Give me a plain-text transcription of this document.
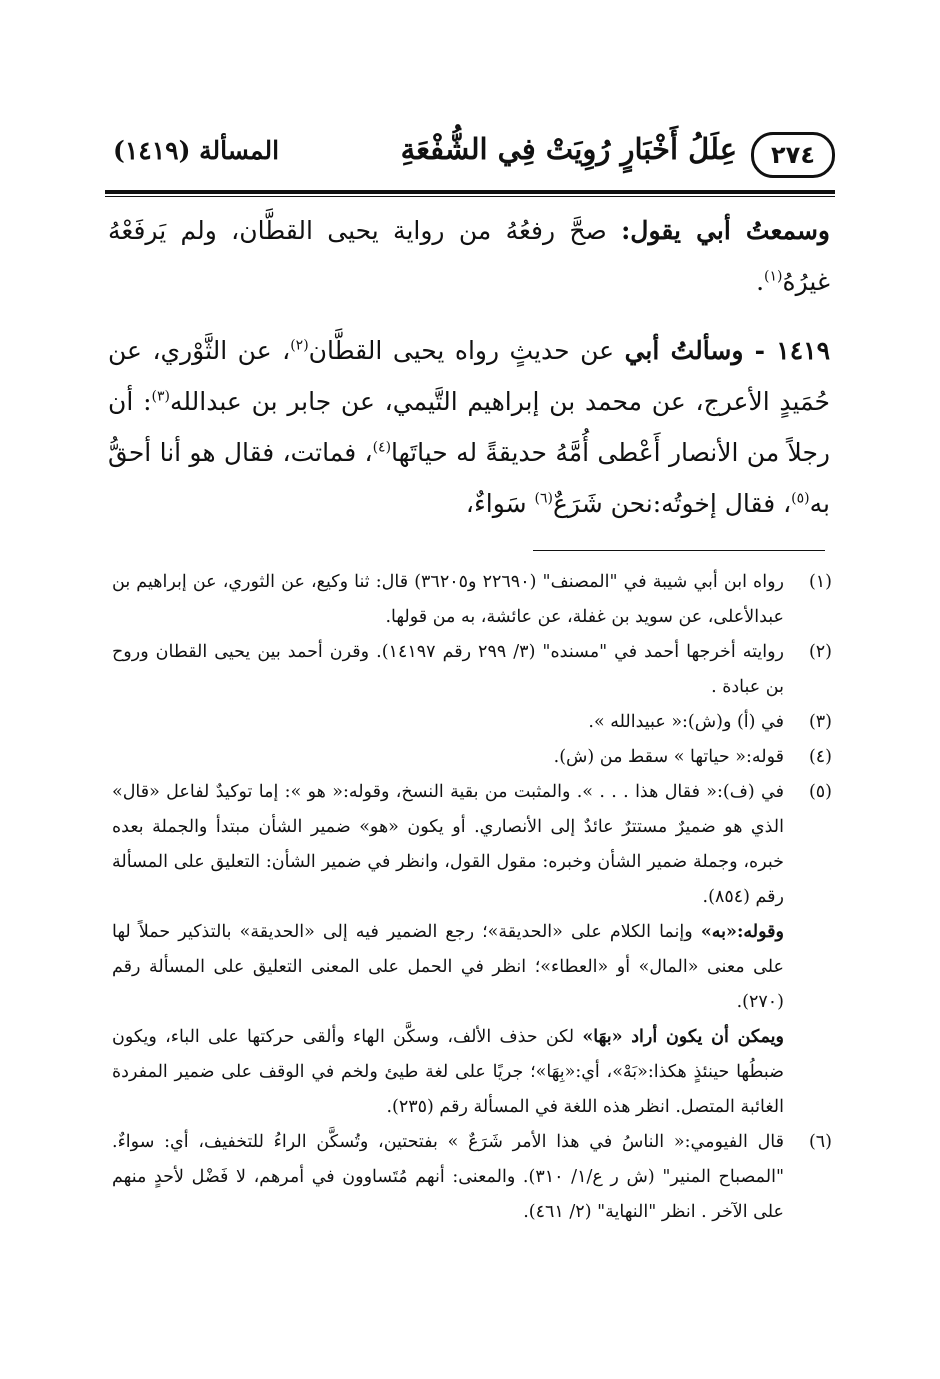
٢٧٤
عِلَلُ أَخْبَارٍ رُوِيَتْ فِي الشُّفْعَةِ
المسألة (١٤١٩)

وسمعتُ أبي يقول: صحَّ رفعُهُ من رواية يحيى القطَّان، ولم يَرفَعْهُ غيرُهُ$^{(١)}$.

١٤١٩ - وسألتُ أبي عن حديثٍ رواه يحيى القطَّان$^{(٢)}$، عن الثَّوْري، عن حُمَيدٍ الأعرج، عن محمد بن إبراهيم التَّيمي، عن جابر بن عبدالله$^{(٣)}$: أن رجلاً من الأنصار أَعْطى أُمَّهُ حديقةً له حياتَها$^{(٤)}$، فماتت، فقال هو أنا أحقُّ به$^{(٥)}$، فقال إخوتُه:نحن شَرَعٌ$^{(٦)}$ سَواءٌ،

(١)
رواه ابن أبي شيبة في "المصنف" (٢٢٦٩٠ و٣٦٢٠٥) قال: ثنا وكيع، عن الثوري، عن إبراهيم بن عبدالأعلى، عن سويد بن غفلة، عن عائشة، به من قولها.

(٢)
روايته أخرجها أحمد في "مسنده" (٣/ ٢٩٩ رقم ١٤١٩٧). وقرن أحمد بين يحيى القطان وروح بن عبادة .

(٣)
في (أ) و(ش):« عبيدالله ».

(٤)
قوله:« حياتها » سقط من (ش).

(٥)
في (ف):« فقال هذا . . . ». والمثبت من بقية النسخ، وقوله:« هو »: إما توكيدٌ لفاعل «قال» الذي هو ضميرٌ مستترٌ عائدٌ إلى الأنصاري. أو يكون «هو» ضمير الشأن مبتدأ والجملة بعده خبره، وجملة ضمير الشأن وخبره: مقول القول، وانظر في ضمير الشأن: التعليق على المسألة رقم (٨٥٤).

وقوله:«به» وإنما الكلام على «الحديقة»؛ رجع الضمير فيه إلى «الحديقة» بالتذكير حملاً لها على معنى «المال» أو «العطاء»؛ انظر في الحمل على المعنى التعليق على المسألة رقم (٢٧٠).

ويمكن أن يكون أراد «بهَا» لكن حذف الألف، وسكَّن الهاء وألقى حركتها على الباء، ويكون ضبطُها حينئذٍ هكذا:«بَهْ»، أي:«بِهَا»؛ جريًا على لغة طيئ ولخم في الوقف على ضمير المفردة الغائبة المتصل. انظر هذه اللغة في المسألة رقم (٢٣٥).

(٦)
قال الفيومي:« الناسُ في هذا الأمر شَرَعٌ » بفتحتين، وتُسكَّن الراءُ للتخفيف، أي: سواءٌ. "المصباح المنير" (ش ر ع/١/ ٣١٠). والمعنى: أنهم مُتَساوون في أمرهم، لا فَضْل لأحدٍ منهم على الآخر . انظر "النهاية" (٢/ ٤٦١).
